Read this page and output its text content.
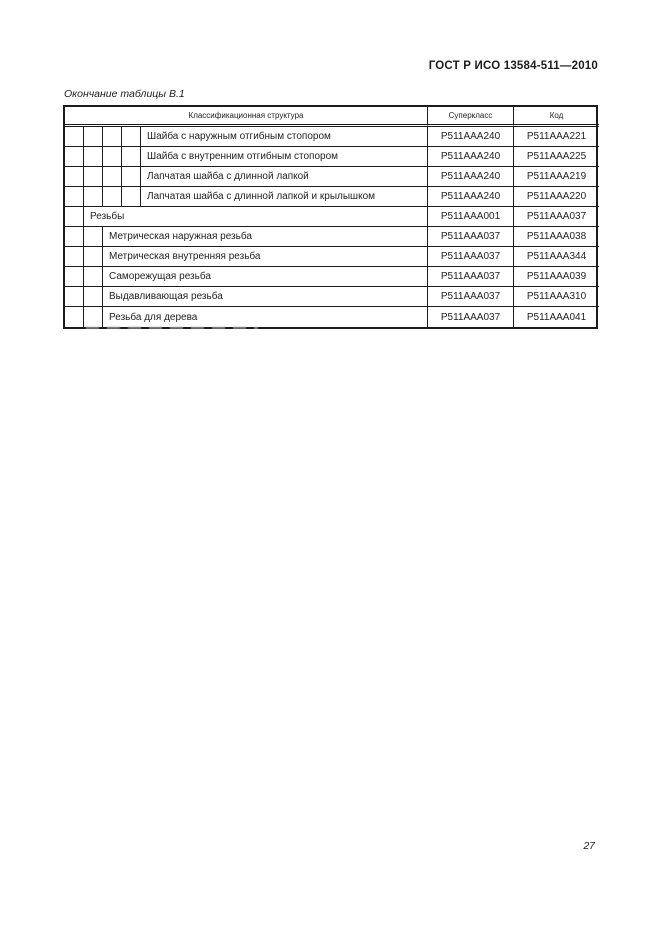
ГОСТ Р ИСО 13584-511—2010
Окончание таблицы В.1
Классификационная структура					Суперкласс	Код
				Шайба с наружным отгибным стопором	P511AAA240	P511AAA221
				Шайба с внутренним отгибным стопором	P511AAA240	P511AAA225
				Лапчатая шайба с длинной лапкой	P511AAA240	P511AAA219
				Лапчатая шайба с длинной лапкой и крылышком	P511AAA240	P511AAA220
	Резьбы				P511AAA001	P511AAA037
		Метрическая наружная резьба			P511AAA037	P511AAA038
		Метрическая внутренняя резьба			P511AAA037	P511AAA344
		Саморежущая резьба			P511AAA037	P511AAA039
		Выдавливающая резьба			P511AAA037	P511AAA310
		Резьба для дерева			P511AAA037	P511AAA041
27
